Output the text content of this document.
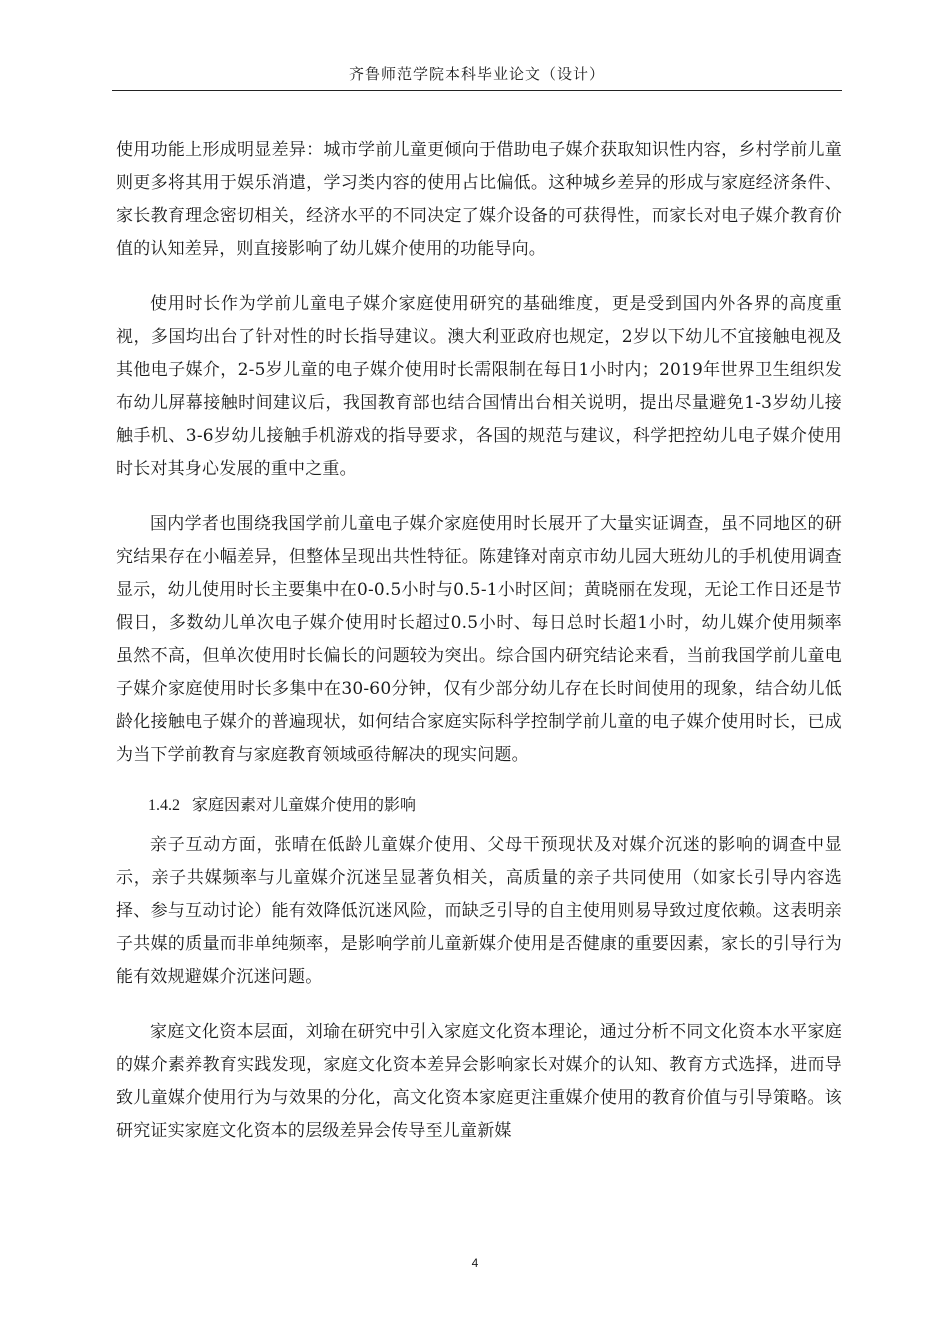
齐鲁师范学院本科毕业论文（设计）

使用功能上形成明显差异：城市学前儿童更倾向于借助电子媒介获取知识性内容，乡村学前儿童则更多将其用于娱乐消遣，学习类内容的使用占比偏低。这种城乡差异的形成与家庭经济条件、家长教育理念密切相关，经济水平的不同决定了媒介设备的可获得性，而家长对电子媒介教育价值的认知差异，则直接影响了幼儿媒介使用的功能导向。

使用时长作为学前儿童电子媒介家庭使用研究的基础维度，更是受到国内外各界的高度重视，多国均出台了针对性的时长指导建议。澳大利亚政府也规定，2岁以下幼儿不宜接触电视及其他电子媒介，2-5岁儿童的电子媒介使用时长需限制在每日1小时内；2019年世界卫生组织发布幼儿屏幕接触时间建议后，我国教育部也结合国情出台相关说明，提出尽量避免1-3岁幼儿接触手机、3-6岁幼儿接触手机游戏的指导要求，各国的规范与建议，科学把控幼儿电子媒介使用时长对其身心发展的重中之重。

国内学者也围绕我国学前儿童电子媒介家庭使用时长展开了大量实证调查，虽不同地区的研究结果存在小幅差异，但整体呈现出共性特征。陈建锋对南京市幼儿园大班幼儿的手机使用调查显示，幼儿使用时长主要集中在0-0.5小时与0.5-1小时区间；黄晓丽在发现，无论工作日还是节假日，多数幼儿单次电子媒介使用时长超过0.5小时、每日总时长超1小时，幼儿媒介使用频率虽然不高，但单次使用时长偏长的问题较为突出。综合国内研究结论来看，当前我国学前儿童电子媒介家庭使用时长多集中在30-60分钟，仅有少部分幼儿存在长时间使用的现象，结合幼儿低龄化接触电子媒介的普遍现状，如何结合家庭实际科学控制学前儿童的电子媒介使用时长，已成为当下学前教育与家庭教育领域亟待解决的现实问题。

1.4.2 家庭因素对儿童媒介使用的影响

亲子互动方面，张晴在低龄儿童媒介使用、父母干预现状及对媒介沉迷的影响的调查中显示，亲子共媒频率与儿童媒介沉迷呈显著负相关，高质量的亲子共同使用（如家长引导内容选择、参与互动讨论）能有效降低沉迷风险，而缺乏引导的自主使用则易导致过度依赖。这表明亲子共媒的质量而非单纯频率，是影响学前儿童新媒介使用是否健康的重要因素，家长的引导行为能有效规避媒介沉迷问题。

家庭文化资本层面，刘瑜在研究中引入家庭文化资本理论，通过分析不同文化资本水平家庭的媒介素养教育实践发现，家庭文化资本差异会影响家长对媒介的认知、教育方式选择，进而导致儿童媒介使用行为与效果的分化，高文化资本家庭更注重媒介使用的教育价值与引导策略。该研究证实家庭文化资本的层级差异会传导至儿童新媒

4
